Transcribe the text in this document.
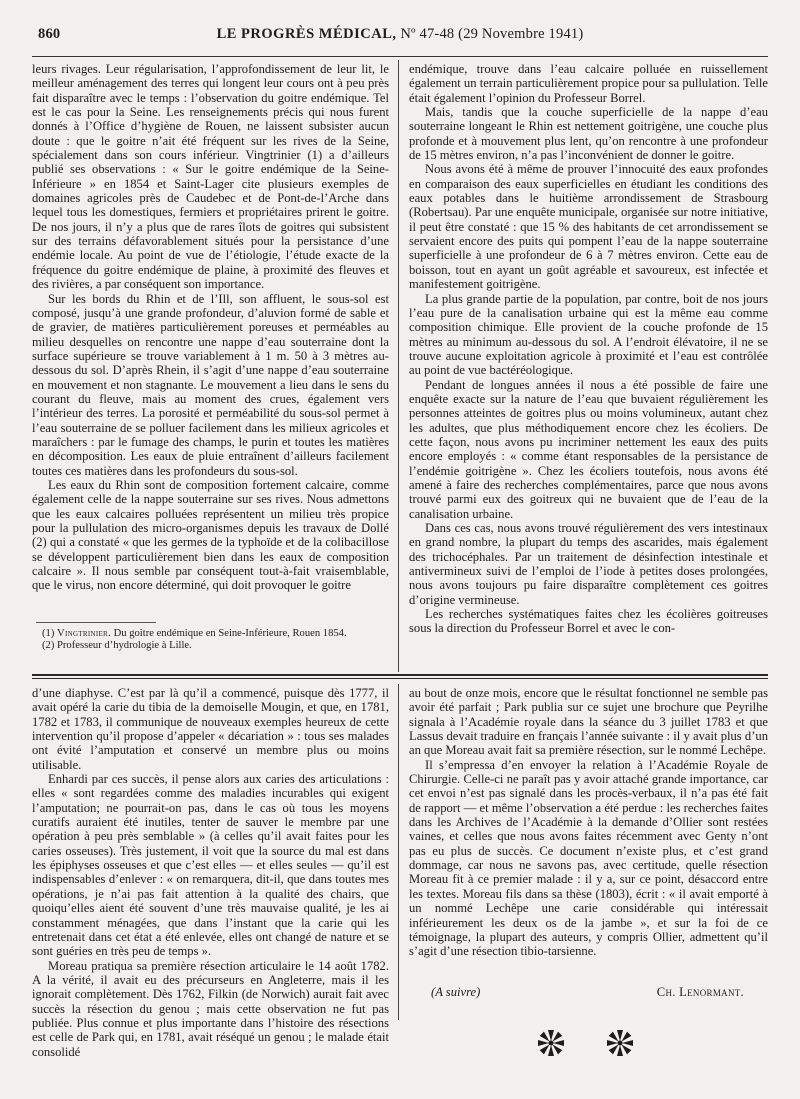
860	LE PROGRÈS MÉDICAL, Nº 47-48 (29 Novembre 1941)

leurs rivages. Leur régularisation, l’approfondissement de leur lit, le meilleur aménagement des terres qui longent leur cours ont à peu près fait disparaître avec le temps : l’observation du goitre endémique. Tel est le cas pour la Seine. Les renseignements précis qui nous furent donnés à l’Office d’hygiène de Rouen, ne laissent subsister aucun doute : que le goitre n’ait été fréquent sur les rives de la Seine, spécialement dans son cours inférieur. Vingtrinier (1) a d’ailleurs publié ses observations : « Sur le goitre endémique de la Seine-Inférieure » en 1854 et Saint-Lager cite plusieurs exemples de domaines agricoles près de Caudebec et de Pont-de-l’Arche dans lequel tous les domestiques, fermiers et propriétaires prirent le goitre. De nos jours, il n’y a plus que de rares îlots de goitres qui subsistent sur des terrains défavorablement situés pour la persistance d’une endémie locale. Au point de vue de l’étiologie, l’étude exacte de la fréquence du goitre endémique de plaine, à proximité des fleuves et des rivières, a par conséquent son importance.

Sur les bords du Rhin et de l’Ill, son affluent, le sous-sol est composé, jusqu’à une grande profondeur, d’aluvion formé de sable et de gravier, de matières particulièrement poreuses et perméables au milieu desquelles on rencontre une nappe d’eau souterraine dont la surface supérieure se trouve variablement à 1 m. 50 à 3 mètres au-dessous du sol. D’après Rhein, il s’agit d’une nappe d’eau souterraine en mouvement et non stagnante. Le mouvement a lieu dans le sens du courant du fleuve, mais au moment des crues, également vers l’intérieur des terres. La porosité et perméabilité du sous-sol permet à l’eau souterraine de se polluer facilement dans les milieux agricoles et maraîchers : par le fumage des champs, le purin et toutes les matières en décomposition. Les eaux de pluie entraînent d’ailleurs facilement toutes ces matières dans les profondeurs du sous-sol.

Les eaux du Rhin sont de composition fortement calcaire, comme également celle de la nappe souterraine sur ses rives. Nous admettons que les eaux calcaires polluées représentent un milieu très propice pour la pullulation des micro-organismes depuis les travaux de Dollé (2) qui a constaté « que les germes de la typhoïde et de la colibacillose se développent particulièrement bien dans les eaux de composition calcaire ». Il nous semble par conséquent tout-à-fait vraisemblable, que le virus, non encore déterminé, qui doit provoquer le goitre

(1) Vingtrinier. Du goitre endémique en Seine-Inférieure, Rouen 1854.

(2) Professeur d’hydrologie à Lille.

endémique, trouve dans l’eau calcaire polluée en ruissellement également un terrain particulièrement propice pour sa pullulation. Telle était également l’opinion du Professeur Borrel.

Mais, tandis que la couche superficielle de la nappe d’eau souterraine longeant le Rhin est nettement goitrigène, une couche plus profonde et à mouvement plus lent, qu’on rencontre à une profondeur de 15 mètres environ, n’a pas l’inconvénient de donner le goitre.

Nous avons été à même de prouver l’innocuité des eaux profondes en comparaison des eaux superficielles en étudiant les conditions des eaux potables dans le huitième arrondissement de Strasbourg (Robertsau). Par une enquête municipale, organisée sur notre initiative, il peut être constaté : que 15 % des habitants de cet arrondissement se servaient encore des puits qui pompent l’eau de la nappe souterraine superficielle à une profondeur de 6 à 7 mètres environ. Cette eau de boisson, tout en ayant un goût agréable et savoureux, est infectée et manifestement goitrigène.

La plus grande partie de la population, par contre, boit de nos jours l’eau pure de la canalisation urbaine qui est la même eau comme composition chimique. Elle provient de la couche profonde de 15 mètres au minimum au-dessous du sol. A l’endroit élévatoire, il ne se trouve aucune exploitation agricole à proximité et l’eau est contrôlée au point de vue bactéréologique.

Pendant de longues années il nous a été possible de faire une enquête exacte sur la nature de l’eau que buvaient régulièrement les personnes atteintes de goitres plus ou moins volumineux, autant chez les adultes, que plus méthodiquement encore chez les écoliers. De cette façon, nous avons pu incriminer nettement les eaux des puits encore employés : « comme étant responsables de la persistance de l’endémie goitrigène ». Chez les écoliers toutefois, nous avons été amené à faire des recherches complémentaires, parce que nous avons trouvé parmi eux des goitreux qui ne buvaient que de l’eau de la canalisation urbaine.

Dans ces cas, nous avons trouvé régulièrement des vers intestinaux en grand nombre, la plupart du temps des ascarides, mais également des trichocéphales. Par un traitement de désinfection intestinale et antivermineux suivi de l’emploi de l’iode à petites doses prolongées, nous avons toujours pu faire disparaître complètement ces goitres d’origine vermineuse.

Les recherches systématiques faites chez les écolières goitreuses sous la direction du Professeur Borrel et avec le con-

d’une diaphyse. C’est par là qu’il a commencé, puisque dès 1777, il avait opéré la carie du tibia de la demoiselle Mougin, et que, en 1781, 1782 et 1783, il communique de nouveaux exemples heureux de cette intervention qu’il propose d’appeler « décariation » : tous ses malades ont évité l’amputation et conservé un membre plus ou moins utilisable.

Enhardi par ces succès, il pense alors aux caries des articulations : elles « sont regardées comme des maladies incurables qui exigent l’amputation; ne pourrait-on pas, dans le cas où tous les moyens curatifs auraient été inutiles, tenter de sauver le membre par une opération à peu près semblable » (à celles qu’il avait faites pour les caries osseuses). Très justement, il voit que la source du mal est dans les épiphyses osseuses et que c’est elles — et elles seules — qu’il est indispensables d’enlever : « on remarquera, dit-il, que dans toutes mes opérations, je n’ai pas fait attention à la qualité des chairs, que quoiqu’elles aient été souvent d’une très mauvaise qualité, je les ai constamment ménagées, que dans l’instant que la carie qui les entretenait dans cet état a été enlevée, elles ont changé de nature et se sont guéries en très peu de temps ».

Moreau pratiqua sa première résection articulaire le 14 août 1782. A la vérité, il avait eu des précurseurs en Angleterre, mais il les ignorait complètement. Dès 1762, Filkin (de Norwich) aurait fait avec succès la résection du genou ; mais cette observation ne fut pas publiée. Plus connue et plus importante dans l’histoire des résections est celle de Park qui, en 1781, avait réséqué un genou ; le malade était consolidé

au bout de onze mois, encore que le résultat fonctionnel ne semble pas avoir été parfait ; Park publia sur ce sujet une brochure que Peyrilhe signala à l’Académie royale dans la séance du 3 juillet 1783 et que Lassus devait traduire en français l’année suivante : il y avait plus d’un an que Moreau avait fait sa première résection, sur le nommé Lechêpe.

Il s’empressa d’en envoyer la relation à l’Académie Royale de Chirurgie. Celle-ci ne paraît pas y avoir attaché grande importance, car cet envoi n’est pas signalé dans les procès-verbaux, il n’a pas été fait de rapport — et même l’observation a été perdue : les recherches faites dans les Archives de l’Académie à la demande d’Ollier sont restées vaines, et celles que nous avons faites récemment avec Genty n’ont pas eu plus de succès. Ce document n’existe plus, et c’est grand dommage, car nous ne savons pas, avec certitude, quelle résection Moreau fit à ce premier malade : il y a, sur ce point, désaccord entre les textes. Moreau fils dans sa thèse (1803), écrit : « il avait emporté à un nommé Lechêpe une carie considérable qui intéressait inférieurement les deux os de la jambe », et sur la foi de ce témoignage, la plupart des auteurs, y compris Ollier, admettent qu’il s’agit d’une résection tibio-tarsienne.

(A suivre)	Ch. Lenormant.
